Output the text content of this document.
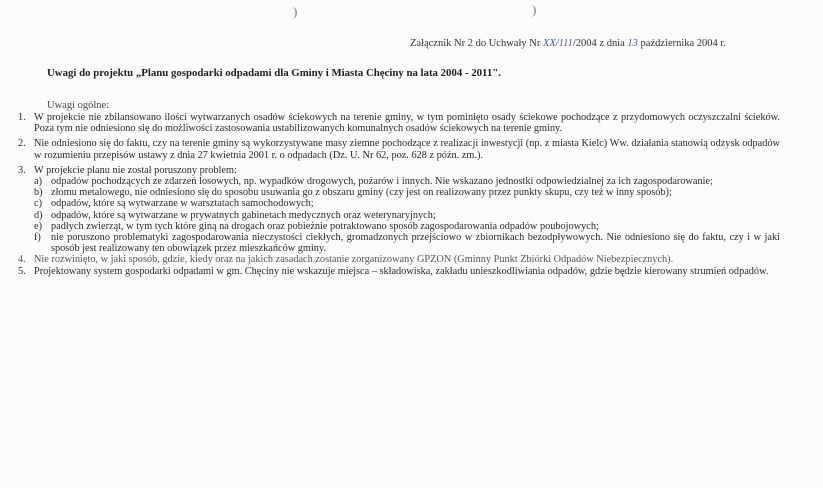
)	)
Załącznik Nr 2 do Uchwały Nr XX/111/2004 z dnia 13 października 2004 r.
Uwagi do projektu „Planu gospodarki odpadami dla Gminy i Miasta Chęciny na lata 2004 - 2011".
Uwagi ogólne:
1. W projekcie nie zbilansowano ilości wytwarzanych osadów ściekowych na terenie gminy, w tym pominięto osady ściekowe pochodzące z przydomowych oczyszczalni ścieków. Poza tym nie odniesiono się do możliwości zastosowania ustabilizowanych komunalnych osadów ściekowych na terenie gminy.
2. Nie odniesiono się do faktu, czy na terenie gminy są wykorzystywane masy ziemne pochodzące z realizacji inwestycji (np. z miasta Kielc) Ww. działania stanowią odzysk odpadów w rozumieniu przepisów ustawy z dnia 27 kwietnia 2001 r. o odpadach (Dz. U. Nr 62, poz. 628 z późn. zm.).
3. W projekcie planu nie został poruszony problem:
a) odpadów pochodzących ze zdarzeń losowych, np. wypadków drogowych, pożarów i innych. Nie wskazano jednostki odpowiedzialnej za ich zagospodarowanie;
b) złomu metalowego, nie odniesiono się do sposobu usuwania go z obszaru gminy (czy jest on realizowany przez punkty skupu, czy też w inny sposób);
c) odpadów, które są wytwarzane w warsztatach samochodowych;
d) odpadów, które są wytwarzane w prywatnych gabinetach medycznych oraz weterynaryjnych;
e) padłych zwierząt, w tym tych które giną na drogach oraz pobieżnie potraktowano sposób zagospodarowania odpadów poubojowych;
f) nie poruszono problematyki zagospodarowania nieczystości ciekłych, gromadzonych przejściowo w zbiornikach bezodpływowych. Nie odniesiono się do faktu, czy i w jaki sposób jest realizowany ten obowiązek przez mieszkańców gminy.
4. Nie rozwinięto, w jaki sposób, gdzie, kiedy oraz na jakich zasadach zostanie zorganizowany GPZON (Gminny Punkt Zbiórki Odpadów Niebezpiecznych).
5. Projektowany system gospodarki odpadami w gm. Chęciny nie wskazuje miejsca – składowiska, zakładu unieszkodliwiania odpadów, gdzie będzie kierowany strumień odpadów.
